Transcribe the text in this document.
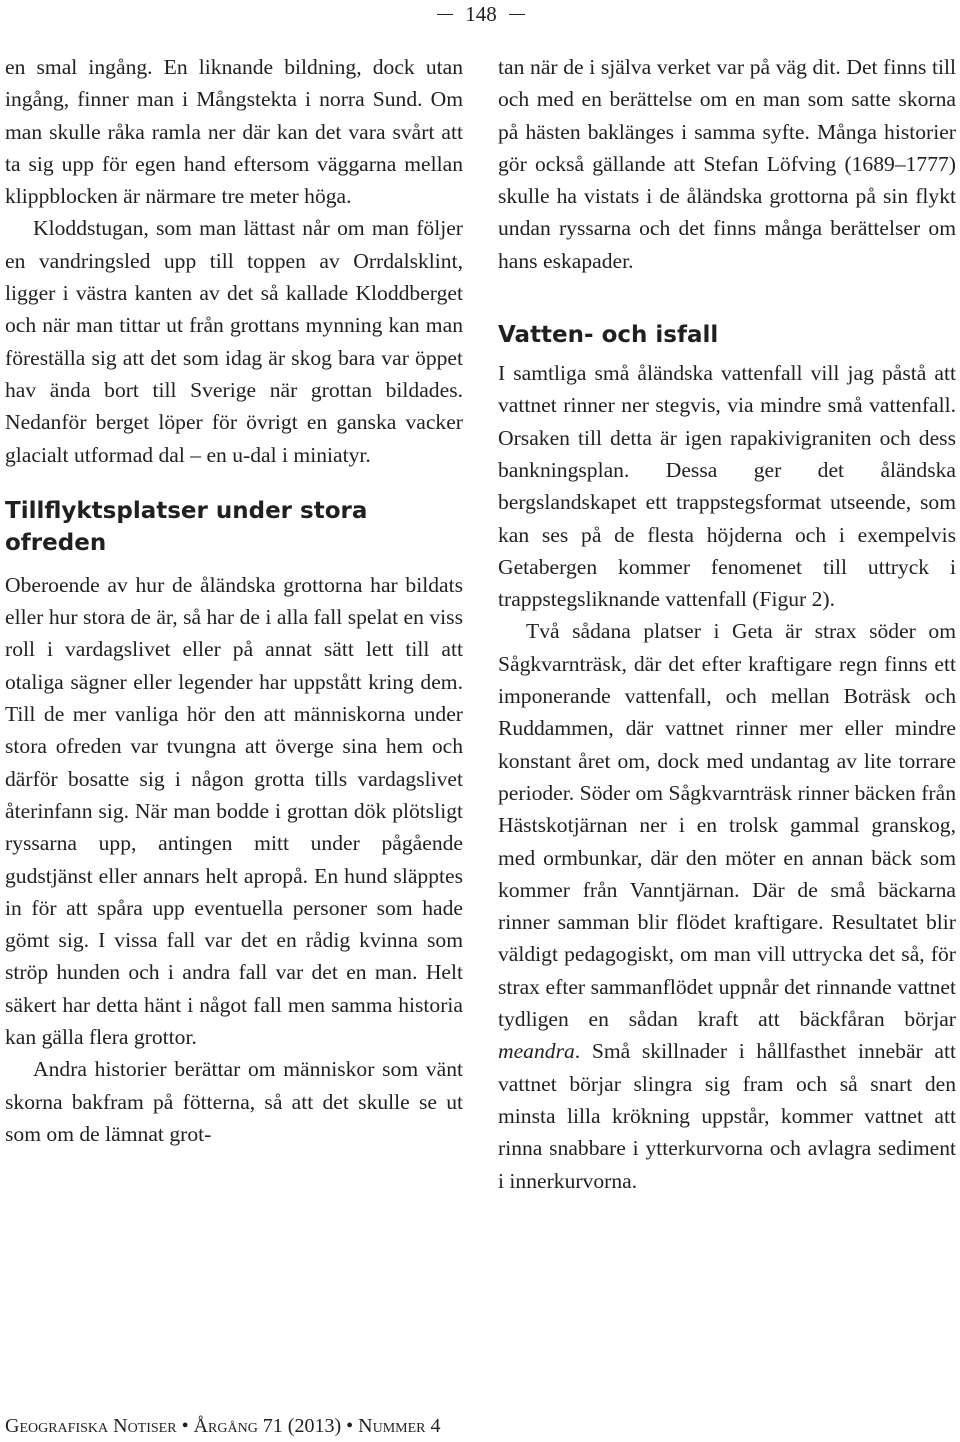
148

en smal ingång. En liknande bildning, dock utan ingång, finner man i Mångstekta i norra Sund. Om man skulle råka ramla ner där kan det vara svårt att ta sig upp för egen hand eftersom väggarna mellan klippblocken är närmare tre meter höga.

Kloddstugan, som man lättast når om man följer en vandringsled upp till toppen av Orrdalsklint, ligger i västra kanten av det så kallade Kloddberget och när man tittar ut från grottans mynning kan man föreställa sig att det som idag är skog bara var öppet hav ända bort till Sverige när grottan bildades. Nedanför berget löper för övrigt en ganska vacker glacialt utformad dal – en u-dal i miniatyr.

Tillflyktsplatser under stora ofreden

Oberoende av hur de åländska grottorna har bildats eller hur stora de är, så har de i alla fall spelat en viss roll i vardagslivet eller på annat sätt lett till att otaliga sägner eller legender har uppstått kring dem. Till de mer vanliga hör den att människorna under stora ofreden var tvungna att överge sina hem och därför bosatte sig i någon grotta tills vardagslivet återinfann sig. När man bodde i grottan dök plötsligt ryssarna upp, antingen mitt under pågående gudstjänst eller annars helt apropå. En hund släpptes in för att spåra upp eventuella personer som hade gömt sig. I vissa fall var det en rådig kvinna som ströp hunden och i andra fall var det en man. Helt säkert har detta hänt i något fall men samma historia kan gälla flera grottor.

Andra historier berättar om människor som vänt skorna bakfram på fötterna, så att det skulle se ut som om de lämnat grot-

tan när de i själva verket var på väg dit. Det finns till och med en berättelse om en man som satte skorna på hästen baklänges i samma syfte. Många historier gör också gällande att Stefan Löfving (1689–1777) skulle ha vistats i de åländska grottorna på sin flykt undan ryssarna och det finns många berättelser om hans eskapader.

Vatten- och isfall

I samtliga små åländska vattenfall vill jag påstå att vattnet rinner ner stegvis, via mindre små vattenfall. Orsaken till detta är igen rapakivigraniten och dess bankningsplan. Dessa ger det åländska bergslandskapet ett trappstegsformat utseende, som kan ses på de flesta höjderna och i exempelvis Getabergen kommer fenomenet till uttryck i trappstegsliknande vattenfall (Figur 2).

Två sådana platser i Geta är strax söder om Sågkvarnträsk, där det efter kraftigare regn finns ett imponerande vattenfall, och mellan Boträsk och Ruddammen, där vattnet rinner mer eller mindre konstant året om, dock med undantag av lite torrare perioder. Söder om Sågkvarnträsk rinner bäcken från Hästskotjärnan ner i en trolsk gammal granskog, med ormbunkar, där den möter en annan bäck som kommer från Vanntjärnan. Där de små bäckarna rinner samman blir flödet kraftigare. Resultatet blir väldigt pedagogiskt, om man vill uttrycka det så, för strax efter sammanflödet uppnår det rinnande vattnet tydligen en sådan kraft att bäckfåran börjar meandra. Små skillnader i hållfasthet innebär att vattnet börjar slingra sig fram och så snart den minsta lilla krökning uppstår, kommer vattnet att rinna snabbare i ytterkurvorna och avlagra sediment i innerkurvorna.

Geografiska Notiser • Årgång 71 (2013) • Nummer 4
